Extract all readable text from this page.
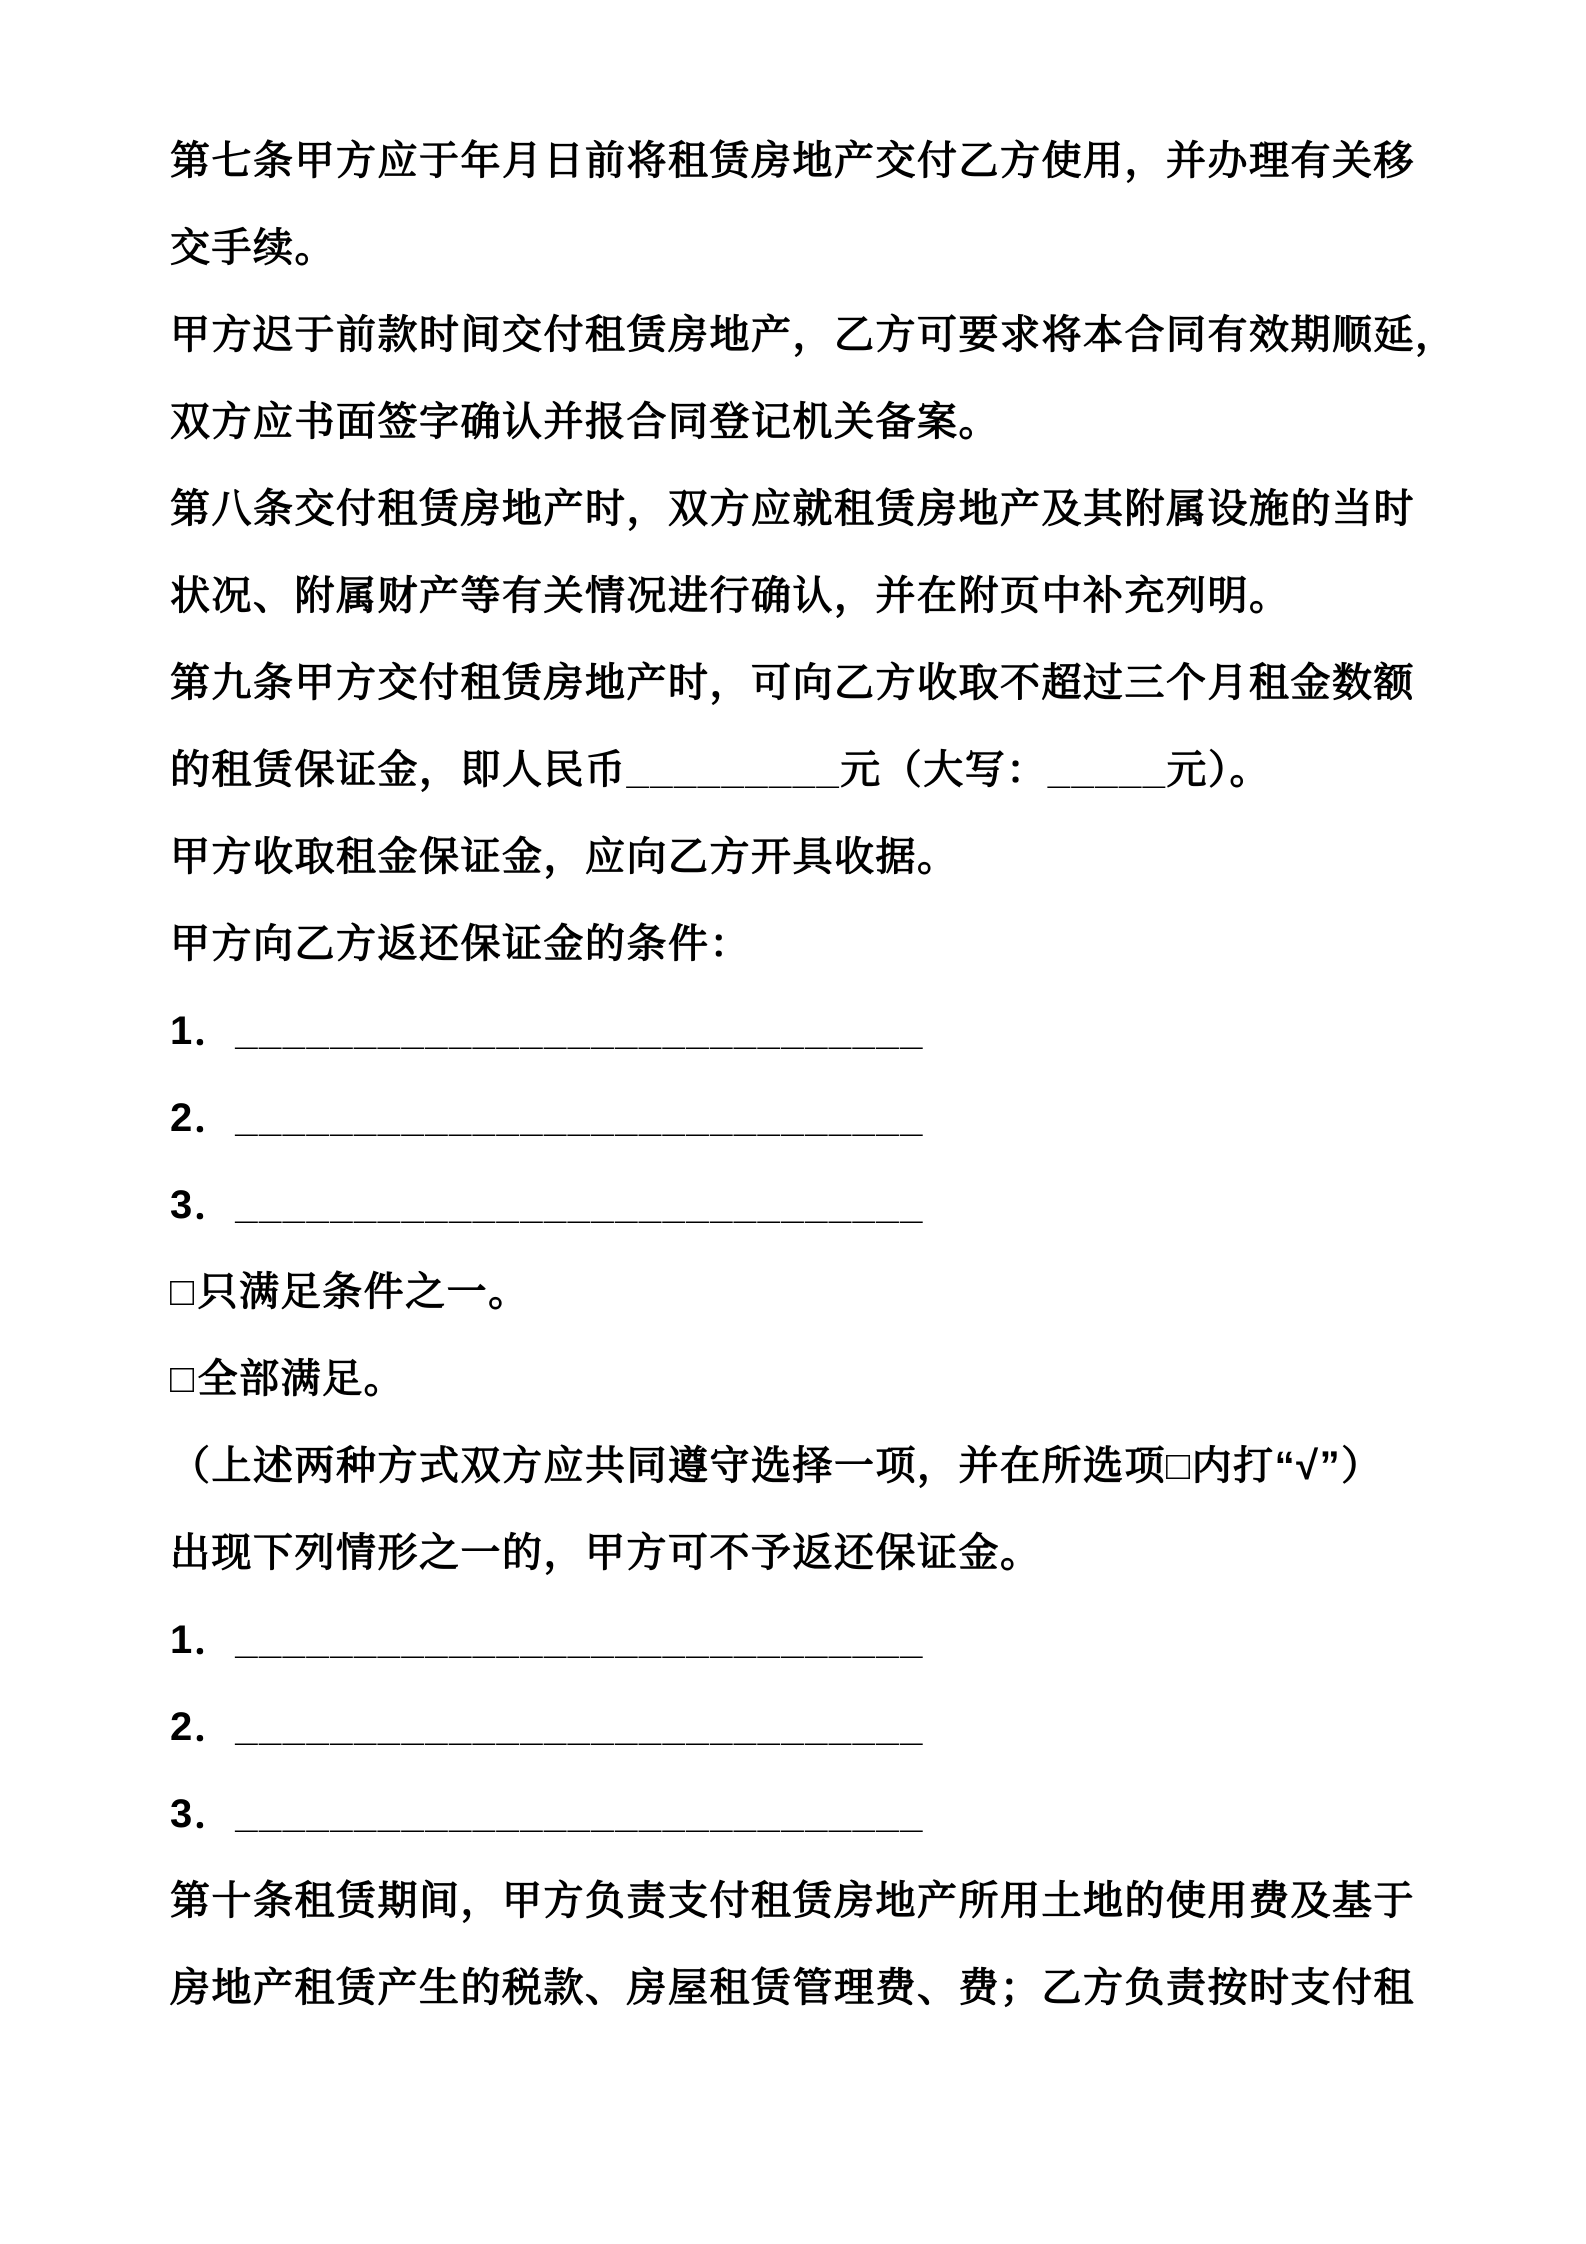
第七条甲方应于年月日前将租赁房地产交付乙方使用，并办理有关移
交手续。
甲方迟于前款时间交付租赁房地产，乙方可要求将本合同有效期顺延，
双方应书面签字确认并报合同登记机关备案。
第八条交付租赁房地产时，双方应就租赁房地产及其附属设施的当时
状况、附属财产等有关情况进行确认，并在附页中补充列明。
第九条甲方交付租赁房地产时，可向乙方收取不超过三个月租金数额
的租赁保证金，即人民币_________元（大写：_____元）。
甲方收取租金保证金，应向乙方开具收据。
甲方向乙方返还保证金的条件：
1．_____________________________
2．_____________________________
3．_____________________________
□只满足条件之一。
□全部满足。
（上述两种方式双方应共同遵守选择一项，并在所选项□内打“√”）
出现下列情形之一的，甲方可不予返还保证金。
1．_____________________________
2．_____________________________
3．_____________________________
第十条租赁期间，甲方负责支付租赁房地产所用土地的使用费及基于
房地产租赁产生的税款、房屋租赁管理费、费；乙方负责按时支付租
